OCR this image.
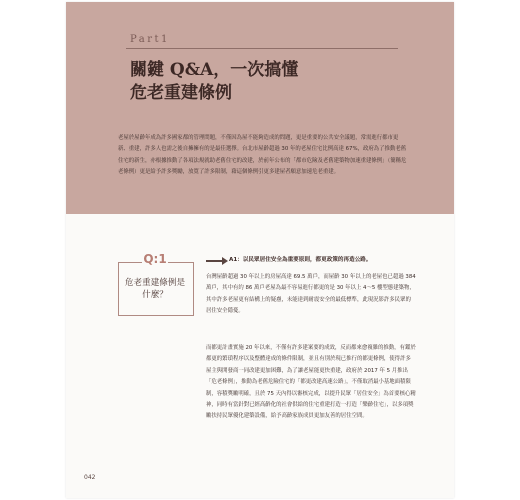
Part1
關鍵 Q&A，一次搞懂
危老重建條例
老屋於屋齡年成為許多國家都的管理問題，不僅因為屋不能夠造成的問題，更是重要的公共安全議題，常需進行都市更新、重建，許多人也需之後自擁擁有的是最佳選擇。台北市屋齡超過 30 年的老屋住宅比例高達 67%，政府為了推動老舊住宅的新生，亦根據推動了各項法規就助老舊住宅的改建，於前年公布的「都市危險及老舊建築物加速重建條例」（簡稱危老條例）更是給予許多獎勵，放寬了許多限制，藉這個條例引更多建屋者願意加速危老重建。
Q:1
危老重建條例是什麼？
A1：以民眾居住安全為重要原則，都更政策的再造公路。
台灣屋齡超過 30 年以上的房屋高達 69.5 萬戶，而屋齡 30 年以上的老屋也已超過 384 萬戶，其中有約 86 萬戶老屋為最不容易進行都更的是 30 年以上 4～5 樓型態建築物，其中許多老屋更有結構上的疑慮，未能達到耐震安全的最低標準，此現況影許多民眾的居住安全隱憂。
而都更計畫實施 20 年以來，不僅有許多建案要的成效，反而都來愈複雜的推動，有鑑於都更的繁瑣程序以及整體達成的條件限制，並且有別於現已推行的都更條例，使得許多屋主與開發商一同改建更加困難，為了讓老屋能更快重建，政府於 2017 年 5 月推出「危老條例」，推動為老舊危險住宅的「都更改建高速公路」，不僅取消最小基地面積限制，容積獎勵明確，且於 75 天內得以審核完成，以提升民眾「居住安全」為首要核心精神，同時有當針對已經高齡化的社會供給的住宅重建打造一打造「樂齡住宅」，以多項獎勵扶持民眾優化建築設備，給予高齡家族成員更加友善的居住空間。
042
